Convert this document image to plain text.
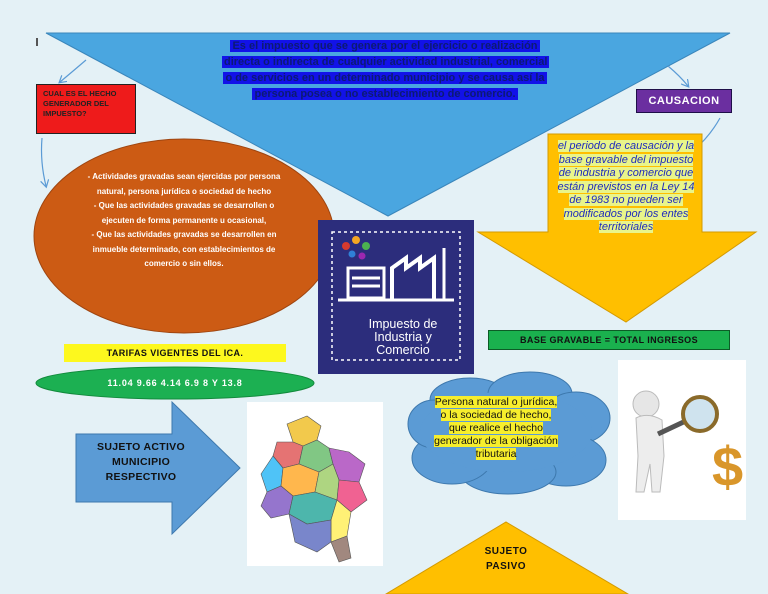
Es el impuesto que se genera por el ejercicio o realización directa o indirecta de cualquier actividad industrial, comercial o de servicios en un determinado municipio y se causa así la persona posea o no establecimiento de comercio.
CUAL ES EL HECHO GENERADOR DEL IMPUESTO?
- Actividades gravadas sean ejercidas por persona natural, persona jurídica o sociedad de hecho
- Que las actividades gravadas se desarrollen o ejecuten de forma permanente u ocasional,
- Que las actividades gravadas se desarrollen en inmueble determinado, con establecimientos de comercio o sin ellos.
CAUSACION
el periodo de causación y la base gravable del impuesto de industria y comercio que están previstos en la Ley 14 de 1983 no pueden ser modificados por los entes territoriales
Impuesto de
Industria y
Comercio
BASE GRAVABLE = TOTAL INGRESOS
TARIFAS VIGENTES DEL ICA.
11.04 9.66 4.14 6.9 8 Y 13.8
SUJETO ACTIVO
MUNICIPIO
RESPECTIVO
Persona natural o jurídica, o la sociedad de hecho, que realice el hecho generador de la obligación tributaria	$
SUJETO
PASIVO
